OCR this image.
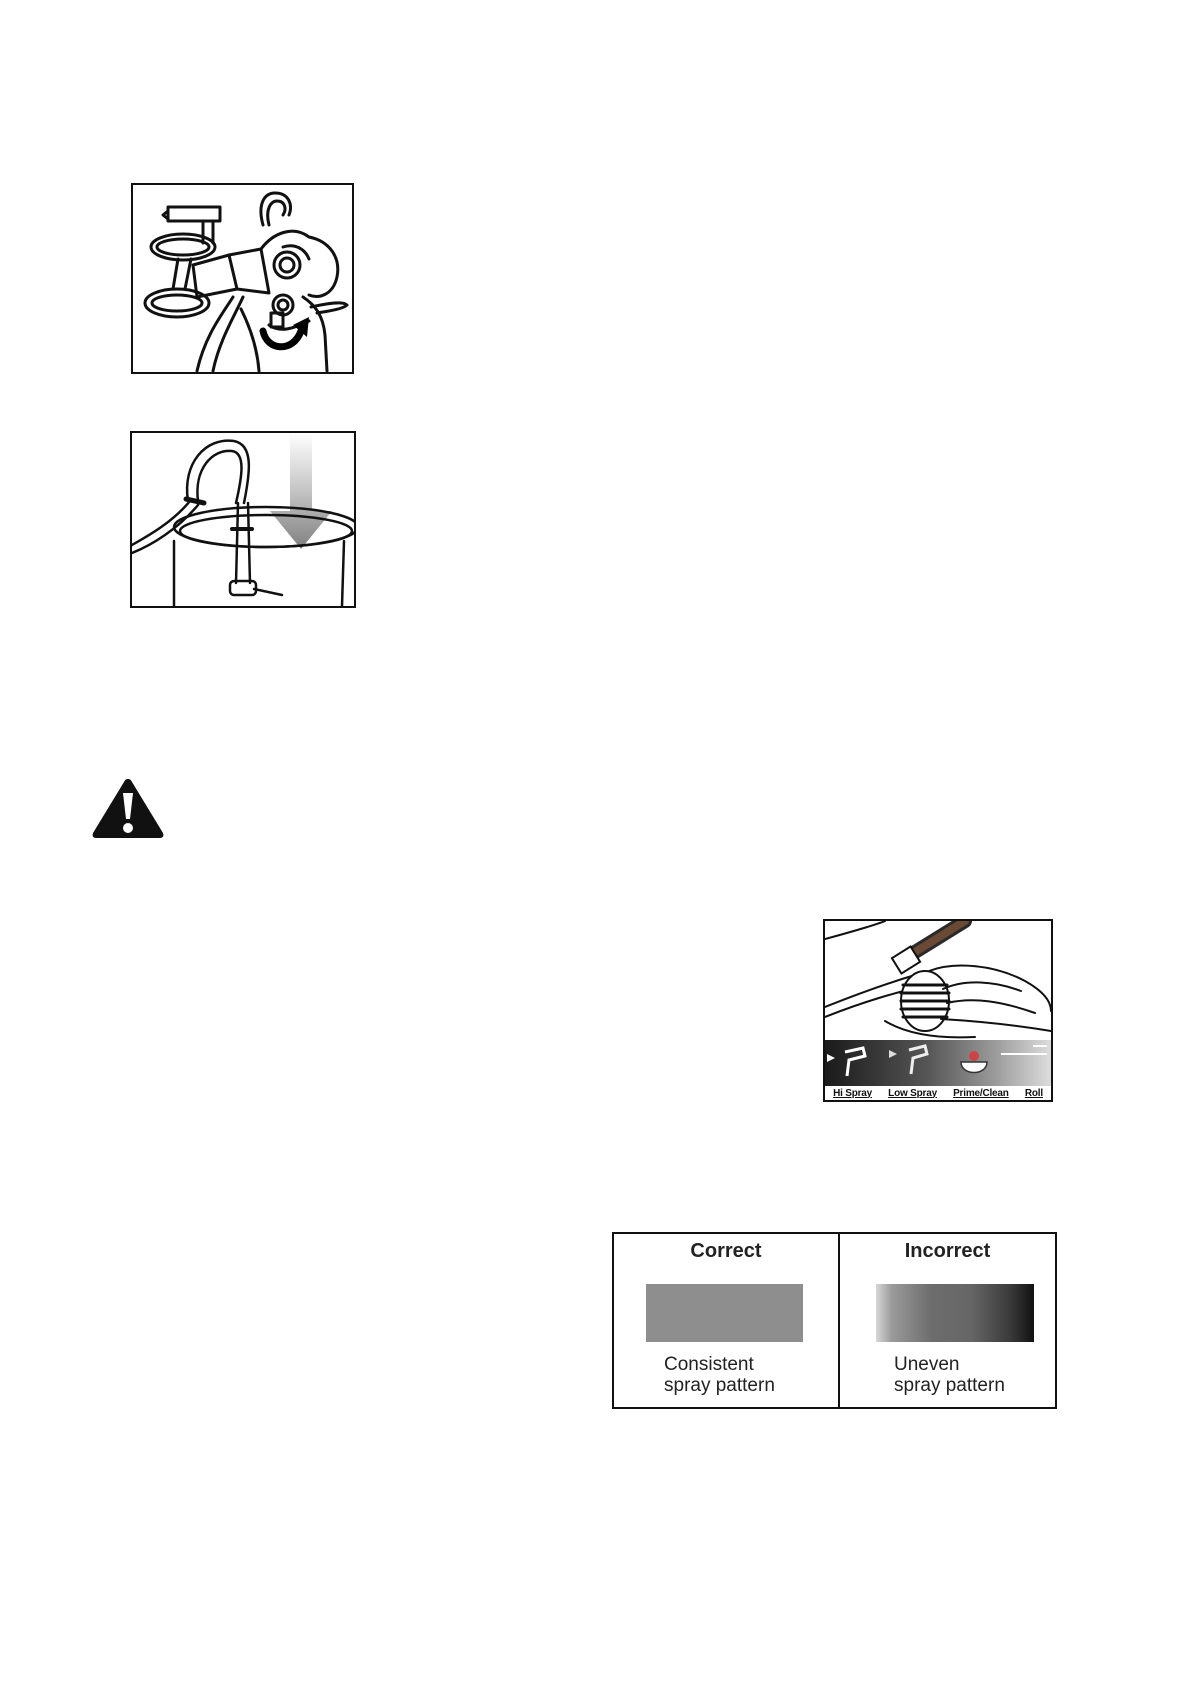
Hi Spray Low Spray Prime/Clean Roll
Correct
Consistent
spray pattern
Incorrect
Uneven
spray pattern
